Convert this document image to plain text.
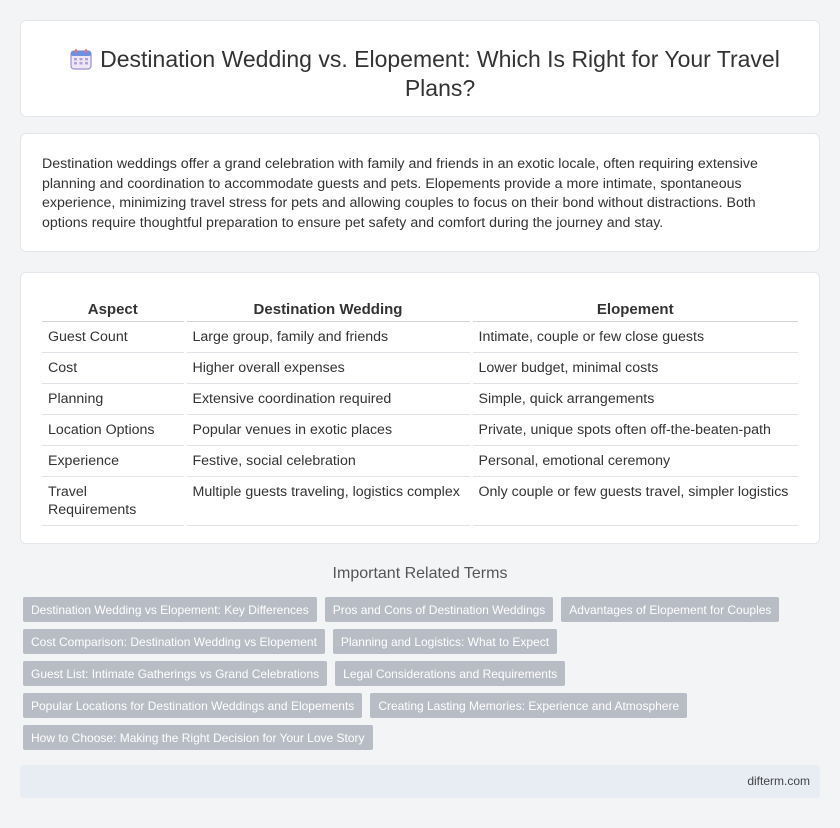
Destination Wedding vs. Elopement: Which Is Right for Your Travel Plans?

Destination weddings offer a grand celebration with family and friends in an exotic locale, often requiring extensive planning and coordination to accommodate guests and pets. Elopements provide a more intimate, spontaneous experience, minimizing travel stress for pets and allowing couples to focus on their bond without distractions. Both options require thoughtful preparation to ensure pet safety and comfort during the journey and stay.

Aspect	Destination Wedding	Elopement
Guest Count	Large group, family and friends	Intimate, couple or few close guests
Cost	Higher overall expenses	Lower budget, minimal costs
Planning	Extensive coordination required	Simple, quick arrangements
Location Options	Popular venues in exotic places	Private, unique spots often off-the-beaten-path
Experience	Festive, social celebration	Personal, emotional ceremony
Travel Requirements	Multiple guests traveling, logistics complex	Only couple or few guests travel, simpler logistics
Important Related Terms
Destination Wedding vs Elopement: Key Differences	Pros and Cons of Destination Weddings	Advantages of Elopement for Couples
Cost Comparison: Destination Wedding vs Elopement	Planning and Logistics: What to Expect
Guest List: Intimate Gatherings vs Grand Celebrations	Legal Considerations and Requirements
Popular Locations for Destination Weddings and Elopements	Creating Lasting Memories: Experience and Atmosphere
How to Choose: Making the Right Decision for Your Love Story
difterm.com
